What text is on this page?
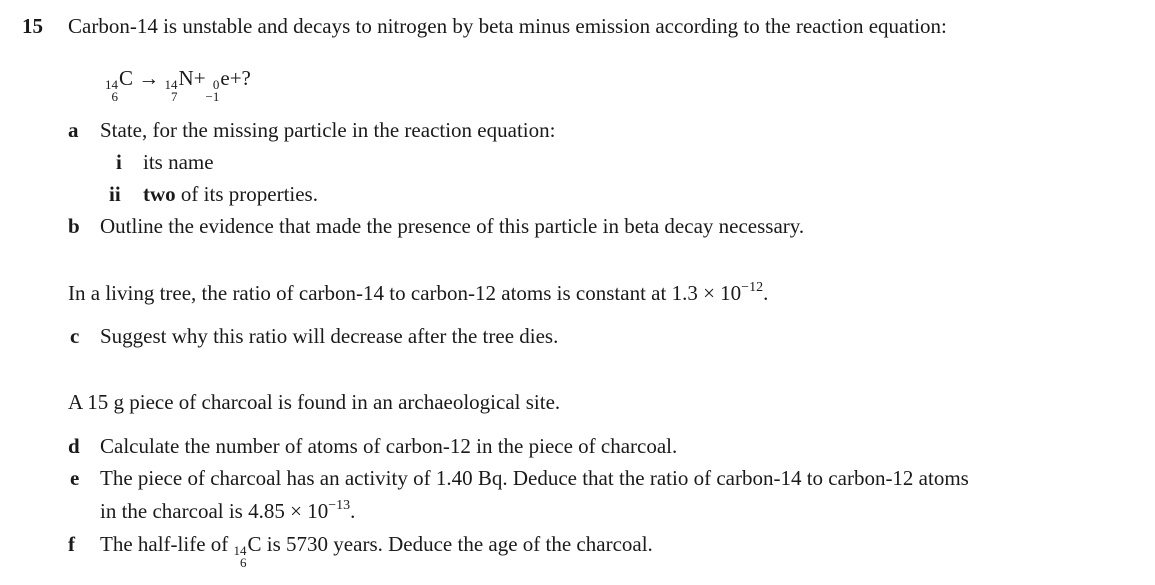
15 Carbon-14 is unstable and decays to nitrogen by beta minus emission according to the reaction equation:
14
6
C → 14
7
N+ 0
−1
e+?
a State, for the missing particle in the reaction equation:
i its name
ii two of its properties.
b Outline the evidence that made the presence of this particle in beta decay necessary.
In a living tree, the ratio of carbon-14 to carbon-12 atoms is constant at $1.3 \times 10^{-12}$.
c Suggest why this ratio will decrease after the tree dies.
A 15 g piece of charcoal is found in an archaeological site.
d Calculate the number of atoms of carbon-12 in the piece of charcoal.
e The piece of charcoal has an activity of 1.40 Bq. Deduce that the ratio of carbon-14 to carbon-12 atoms
in the charcoal is $4.85 \times 10^{-13}$.
f The half-life of 14
6
C is 5730 years. Deduce the age of the charcoal.
